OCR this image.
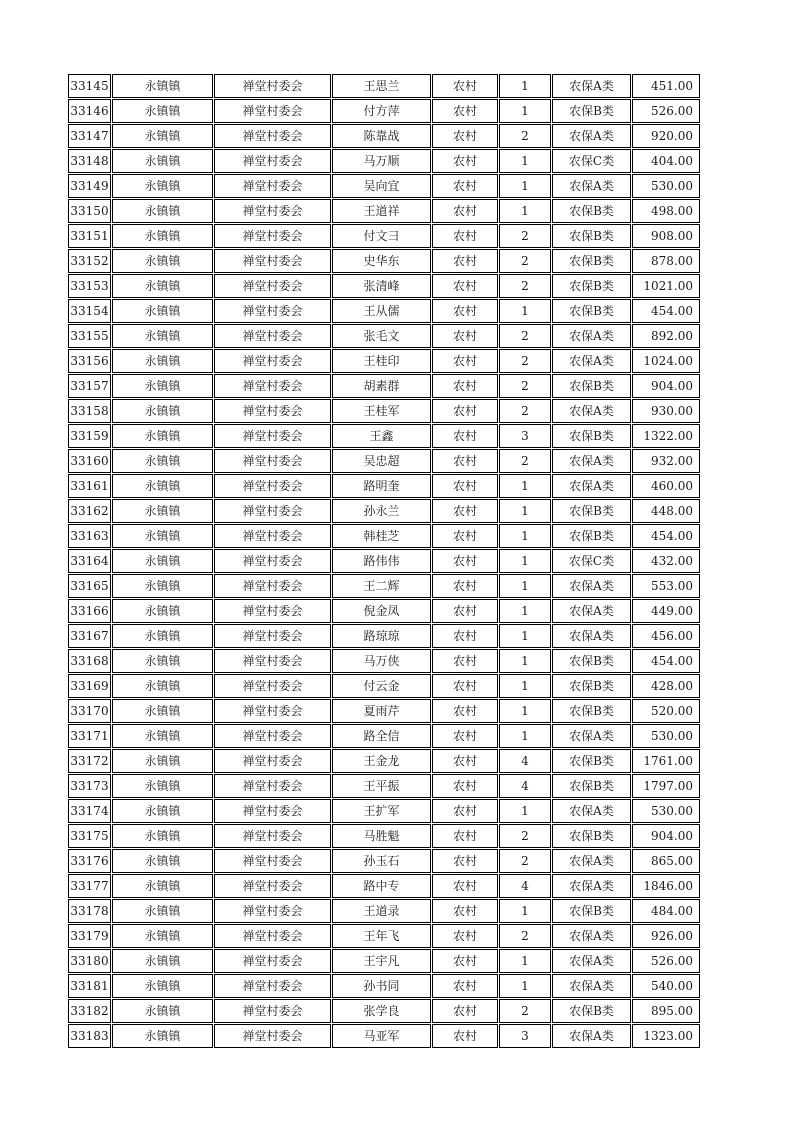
33145	永镇镇	禅堂村委会	王思兰	农村	1	农保A类	451.00
33146	永镇镇	禅堂村委会	付方萍	农村	1	农保B类	526.00
33147	永镇镇	禅堂村委会	陈靠战	农村	2	农保A类	920.00
33148	永镇镇	禅堂村委会	马万顺	农村	1	农保C类	404.00
33149	永镇镇	禅堂村委会	吴向宜	农村	1	农保A类	530.00
33150	永镇镇	禅堂村委会	王道祥	农村	1	农保B类	498.00
33151	永镇镇	禅堂村委会	付文彐	农村	2	农保B类	908.00
33152	永镇镇	禅堂村委会	史华东	农村	2	农保B类	878.00
33153	永镇镇	禅堂村委会	张清峰	农村	2	农保B类	1021.00
33154	永镇镇	禅堂村委会	王从儒	农村	1	农保B类	454.00
33155	永镇镇	禅堂村委会	张毛文	农村	2	农保A类	892.00
33156	永镇镇	禅堂村委会	王桂印	农村	2	农保A类	1024.00
33157	永镇镇	禅堂村委会	胡素群	农村	2	农保B类	904.00
33158	永镇镇	禅堂村委会	王桂军	农村	2	农保A类	930.00
33159	永镇镇	禅堂村委会	王鑫	农村	3	农保B类	1322.00
33160	永镇镇	禅堂村委会	吴忠超	农村	2	农保A类	932.00
33161	永镇镇	禅堂村委会	路明奎	农村	1	农保A类	460.00
33162	永镇镇	禅堂村委会	孙永兰	农村	1	农保B类	448.00
33163	永镇镇	禅堂村委会	韩桂芝	农村	1	农保B类	454.00
33164	永镇镇	禅堂村委会	路伟伟	农村	1	农保C类	432.00
33165	永镇镇	禅堂村委会	王二辉	农村	1	农保A类	553.00
33166	永镇镇	禅堂村委会	倪金凤	农村	1	农保A类	449.00
33167	永镇镇	禅堂村委会	路琼琼	农村	1	农保A类	456.00
33168	永镇镇	禅堂村委会	马万侠	农村	1	农保B类	454.00
33169	永镇镇	禅堂村委会	付云金	农村	1	农保B类	428.00
33170	永镇镇	禅堂村委会	夏雨芹	农村	1	农保B类	520.00
33171	永镇镇	禅堂村委会	路全信	农村	1	农保A类	530.00
33172	永镇镇	禅堂村委会	王金龙	农村	4	农保B类	1761.00
33173	永镇镇	禅堂村委会	王平振	农村	4	农保B类	1797.00
33174	永镇镇	禅堂村委会	王扩军	农村	1	农保A类	530.00
33175	永镇镇	禅堂村委会	马胜魁	农村	2	农保B类	904.00
33176	永镇镇	禅堂村委会	孙玉石	农村	2	农保A类	865.00
33177	永镇镇	禅堂村委会	路中专	农村	4	农保A类	1846.00
33178	永镇镇	禅堂村委会	王道录	农村	1	农保B类	484.00
33179	永镇镇	禅堂村委会	王年飞	农村	2	农保A类	926.00
33180	永镇镇	禅堂村委会	王宇凡	农村	1	农保A类	526.00
33181	永镇镇	禅堂村委会	孙书同	农村	1	农保A类	540.00
33182	永镇镇	禅堂村委会	张学良	农村	2	农保B类	895.00
33183	永镇镇	禅堂村委会	马亚军	农村	3	农保A类	1323.00
